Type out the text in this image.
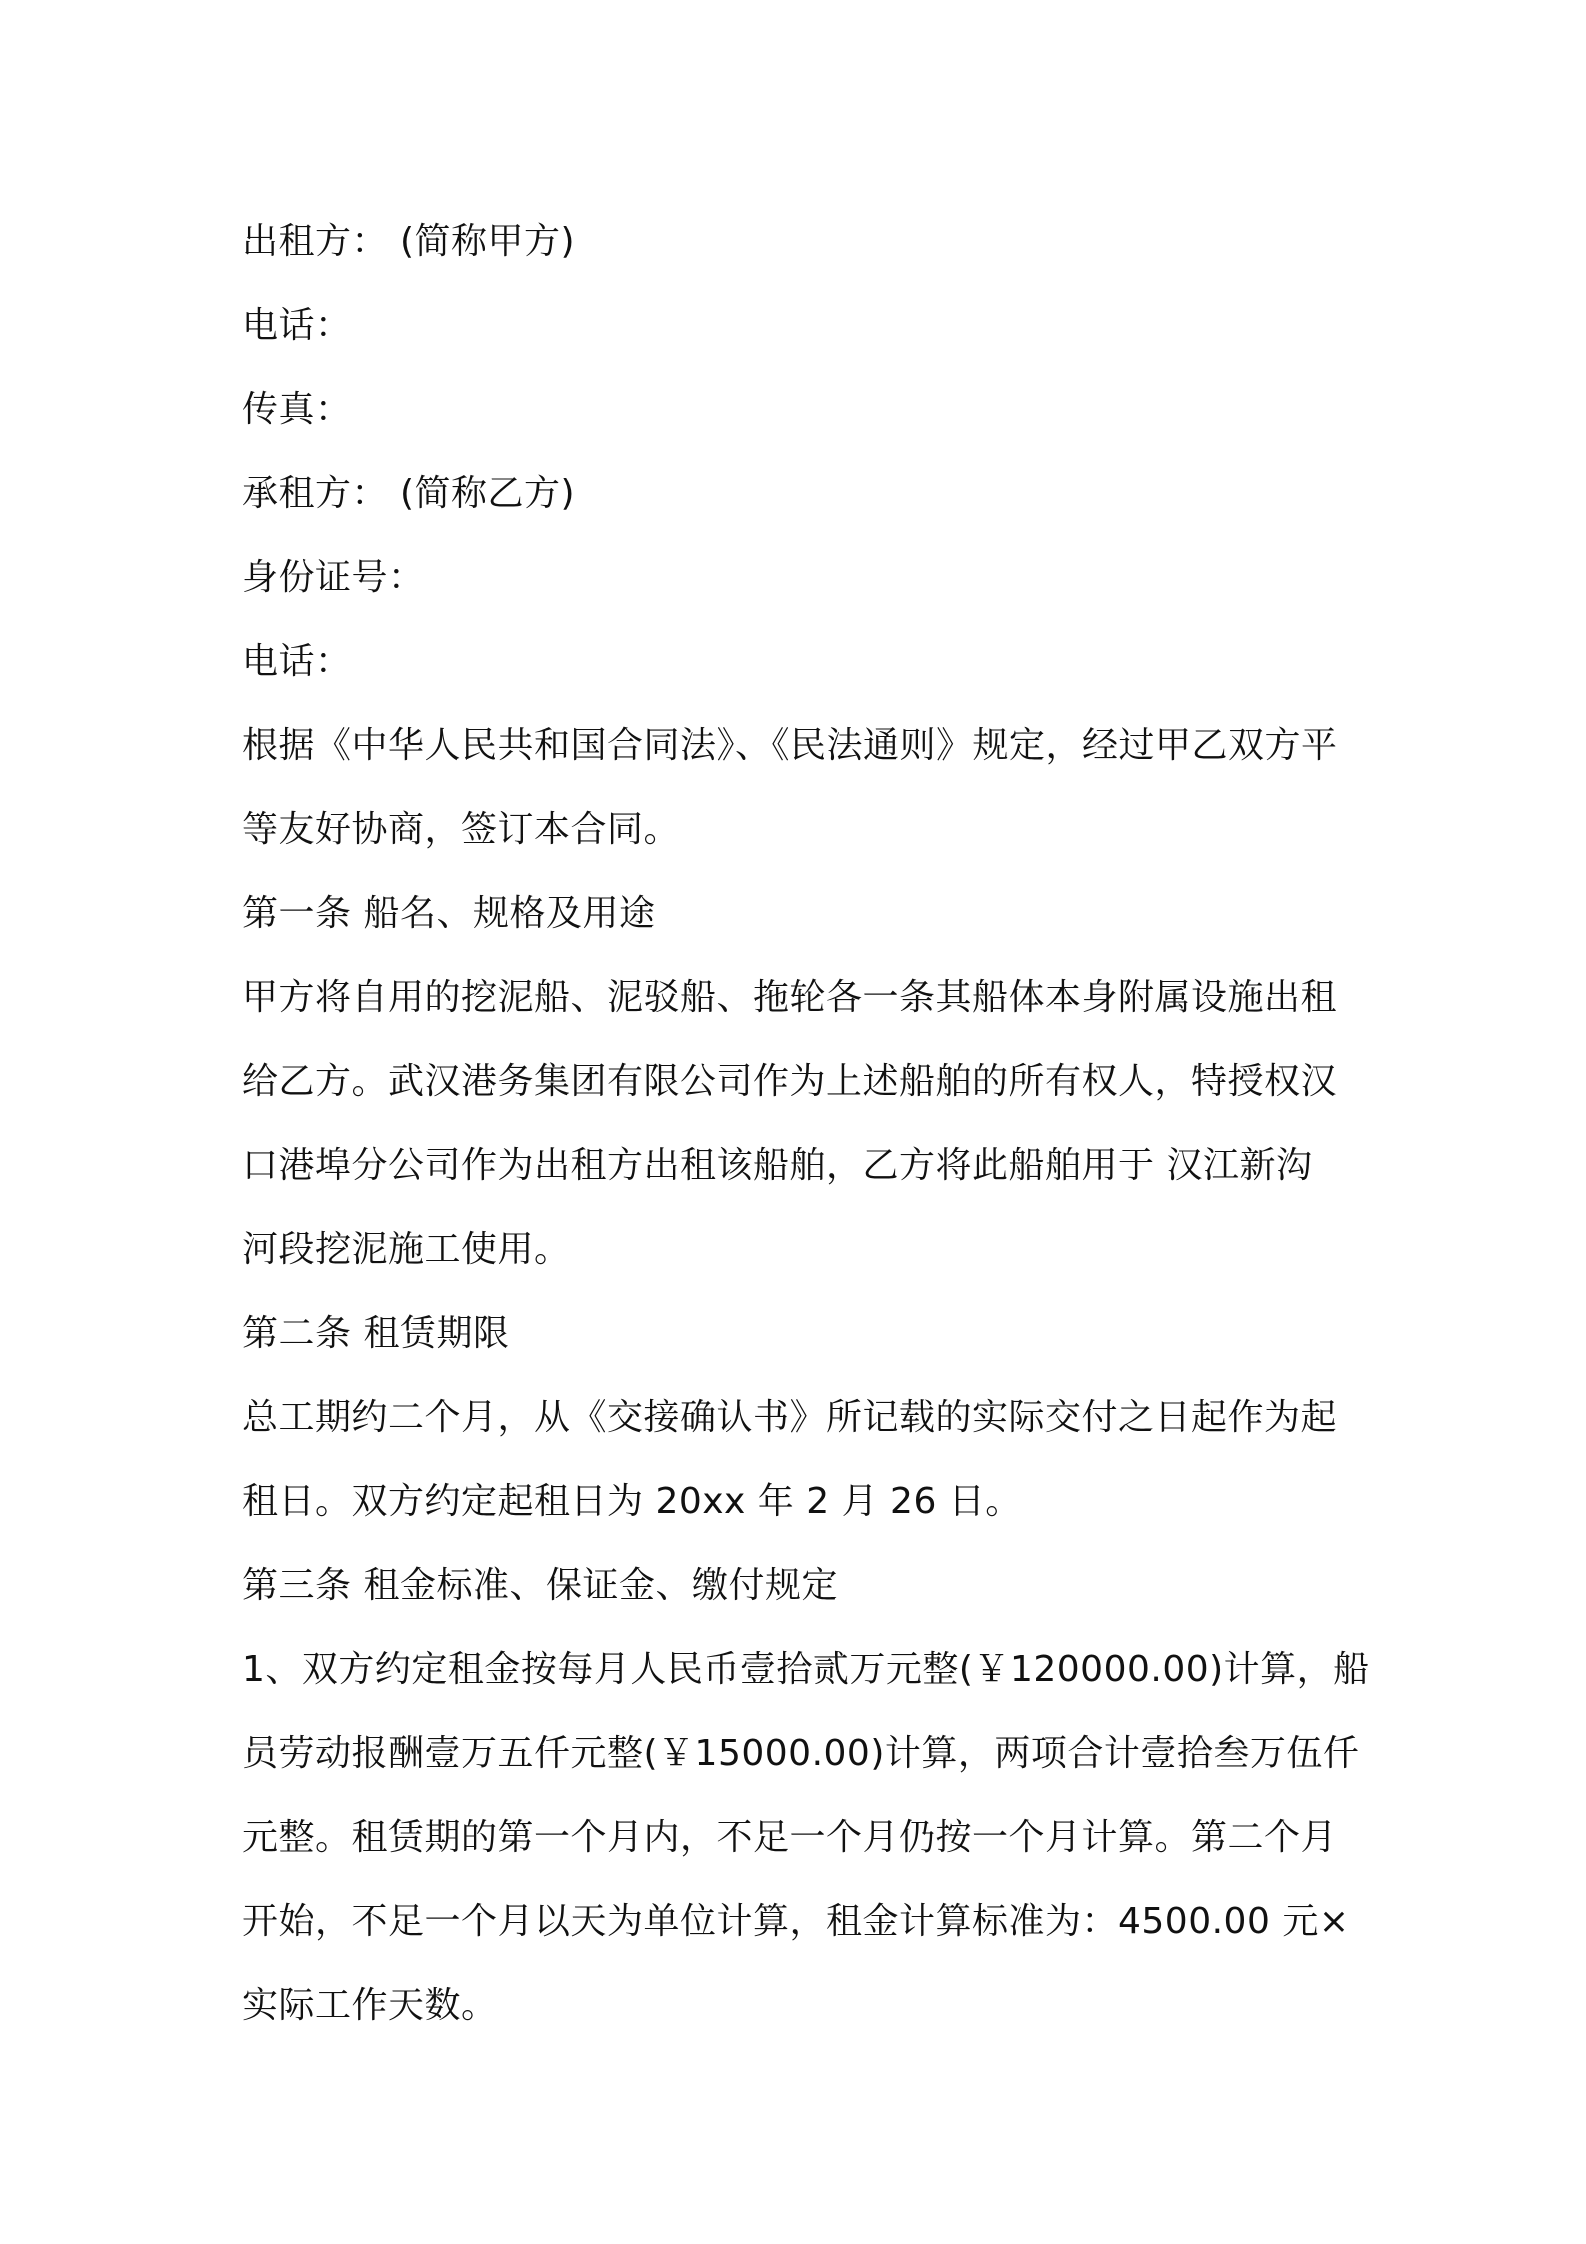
出租方： (简称甲方)
电话：
传真：
承租方： (简称乙方)
身份证号：
电话：
根据《中华人民共和国合同法》、《民法通则》规定，经过甲乙双方平
等友好协商，签订本合同。
第一条 船名、规格及用途
甲方将自用的挖泥船、泥驳船、拖轮各一条其船体本身附属设施出租
给乙方。武汉港务集团有限公司作为上述船舶的所有权人，特授权汉
口港埠分公司作为出租方出租该船舶，乙方将此船舶用于 汉江新沟
河段挖泥施工使用。
第二条 租赁期限
总工期约二个月，从《交接确认书》所记载的实际交付之日起作为起
租日。双方约定起租日为 20xx 年 2 月 26 日。
第三条 租金标准、保证金、缴付规定
1、双方约定租金按每月人民币壹拾贰万元整(￥120000.00)计算，船
员劳动报酬壹万五仟元整(￥15000.00)计算，两项合计壹拾叁万伍仟
元整。租赁期的第一个月内，不足一个月仍按一个月计算。第二个月
开始，不足一个月以天为单位计算，租金计算标准为：4500.00 元×
实际工作天数。
